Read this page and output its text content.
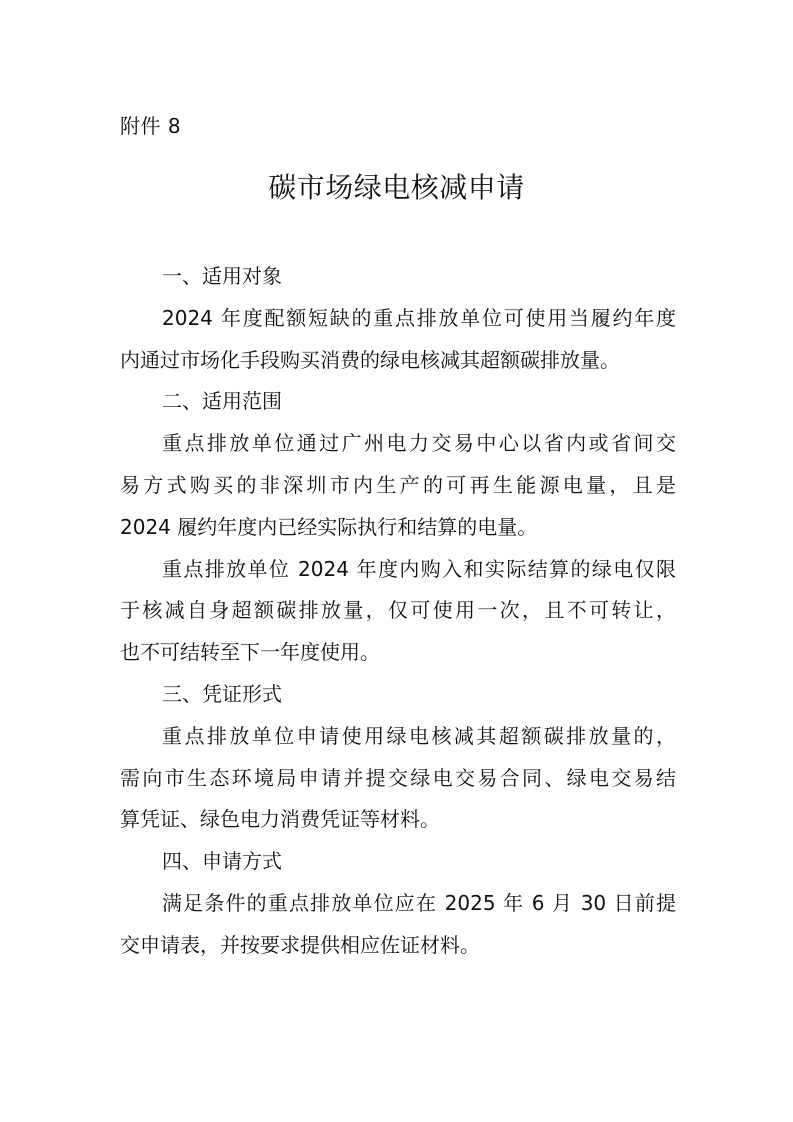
附件 8
碳市场绿电核减申请
一、适用对象
2024 年度配额短缺的重点排放单位可使用当履约年度
内通过市场化手段购买消费的绿电核减其超额碳排放量。
二、适用范围
重点排放单位通过广州电力交易中心以省内或省间交
易方式购买的非深圳市内生产的可再生能源电量，且是
2024 履约年度内已经实际执行和结算的电量。
重点排放单位 2024 年度内购入和实际结算的绿电仅限
于核减自身超额碳排放量，仅可使用一次，且不可转让，
也不可结转至下一年度使用。
三、凭证形式
重点排放单位申请使用绿电核减其超额碳排放量的，
需向市生态环境局申请并提交绿电交易合同、绿电交易结
算凭证、绿色电力消费凭证等材料。
四、申请方式
满足条件的重点排放单位应在 2025 年 6 月 30 日前提
交申请表，并按要求提供相应佐证材料。
